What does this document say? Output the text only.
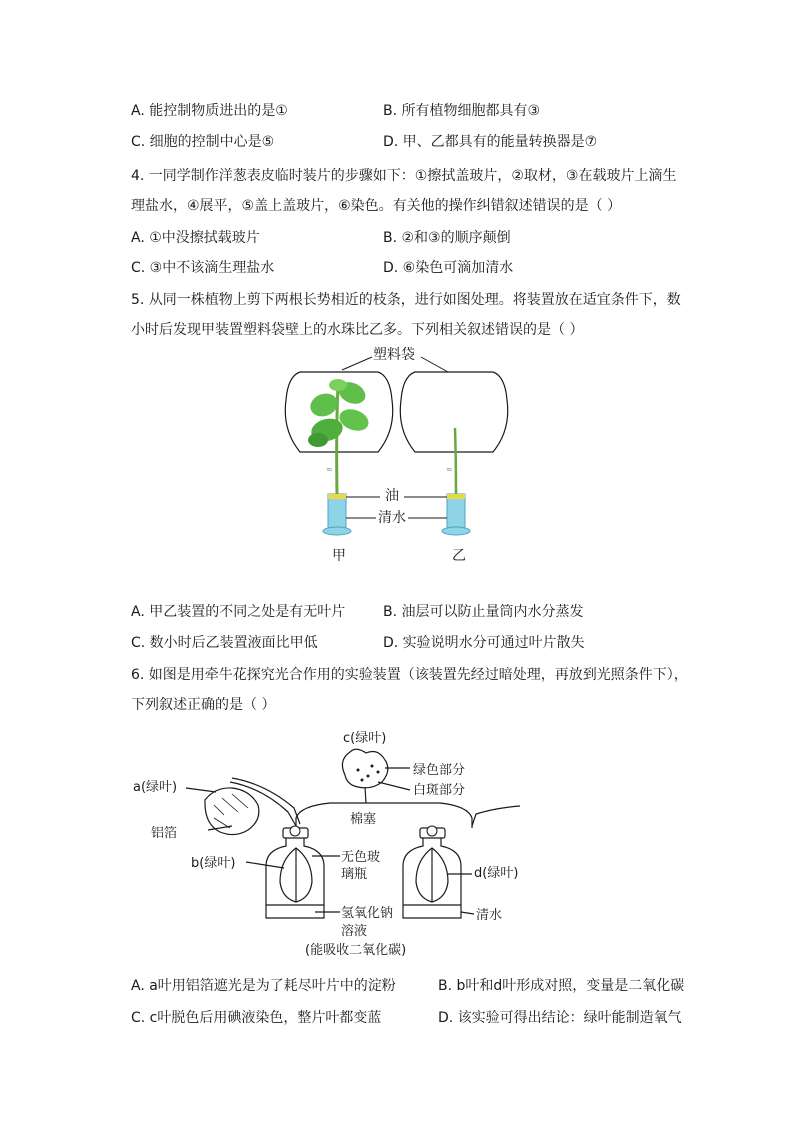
A. 能控制物质进出的是①	B. 所有植物细胞都具有③
C. 细胞的控制中心是⑤	D. 甲、乙都具有的能量转换器是⑦
4. 一同学制作洋葱表皮临时装片的步骤如下：①擦拭盖玻片，②取材，③在载玻片上滴生
理盐水，④展平，⑤盖上盖玻片，⑥染色。有关他的操作纠错叙述错误的是（ ）
A. ①中没擦拭载玻片	B. ②和③的顺序颠倒
C. ③中不该滴生理盐水	D. ⑥染色可滴加清水
5. 从同一株植物上剪下两根长势相近的枝条，进行如图处理。将装置放在适宜条件下，数
小时后发现甲装置塑料袋壁上的水珠比乙多。下列相关叙述错误的是（ ）
≈	≈
塑料袋
油
清水
甲	乙
A. 甲乙装置的不同之处是有无叶片	B. 油层可以防止量筒内水分蒸发
C. 数小时后乙装置液面比甲低	D. 实验说明水分可通过叶片散失
6. 如图是用牵牛花探究光合作用的实验装置（该装置先经过暗处理，再放到光照条件下），
下列叙述正确的是（ ）
c(绿叶)
绿色部分
白斑部分
a(绿叶)
铝箔
棉塞
b(绿叶)	无色玻
璃瓶	d(绿叶)
氢氧化钠
溶液
(能吸收二氧化碳)
清水
A. a叶用铝箔遮光是为了耗尽叶片中的淀粉	B. b叶和d叶形成对照，变量是二氧化碳
C. c叶脱色后用碘液染色，整片叶都变蓝	D. 该实验可得出结论：绿叶能制造氧气
